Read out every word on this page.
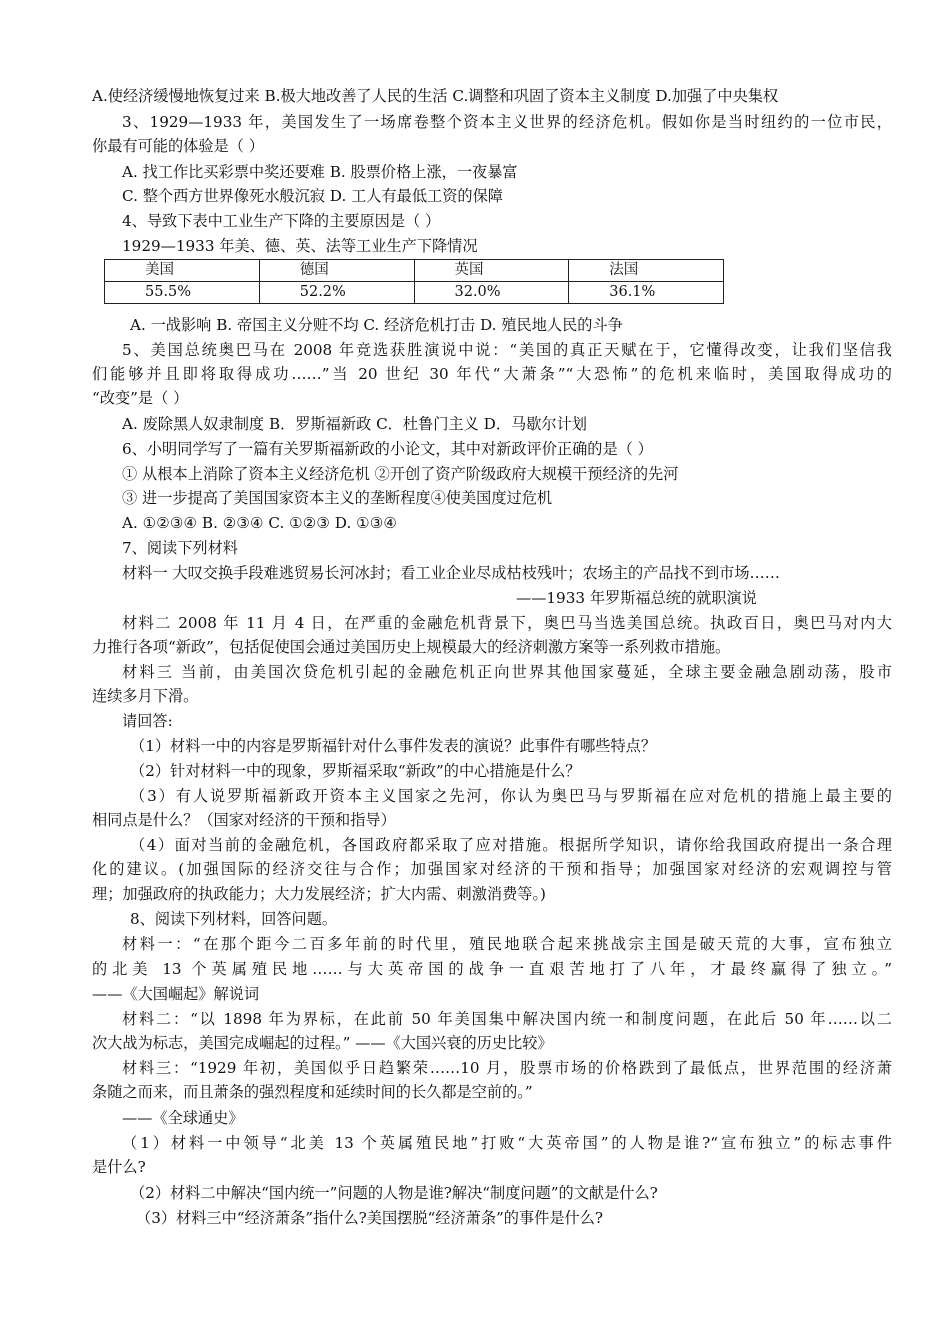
A.使经济缓慢地恢复过来 B.极大地改善了人民的生活 C.调整和巩固了资本主义制度 D.加强了中央集权
3、1929—1933 年，美国发生了一场席卷整个资本主义世界的经济危机。假如你是当时纽约的一位市民，
你最有可能的体验是（ ）
A. 找工作比买彩票中奖还要难 B. 股票价格上涨，一夜暴富
C. 整个西方世界像死水般沉寂 D. 工人有最低工资的保障
4、导致下表中工业生产下降的主要原因是（ ）
1929—1933 年美、德、英、法等工业生产下降情况
美国	德国	英国	法国
55.5%	52.2%	32.0%	36.1%
A. 一战影响 B. 帝国主义分赃不均 C. 经济危机打击 D. 殖民地人民的斗争
5、美国总统奥巴马在 2008 年竞选获胜演说中说：“美国的真正天赋在于，它懂得改变，让我们坚信我
们能够并且即将取得成功……”当 20 世纪 30 年代“大萧条”“大恐怖”的危机来临时，美国取得成功的
“改变”是（ ）
A. 废除黑人奴隶制度 B．罗斯福新政 C．杜鲁门主义 D．马歇尔计划
6、小明同学写了一篇有关罗斯福新政的小论文，其中对新政评价正确的是（ ）
① 从根本上消除了资本主义经济危机 ②开创了资产阶级政府大规模干预经济的先河
③ 进一步提高了美国国家资本主义的垄断程度④使美国度过危机
A. ①②③④ B. ②③④ C. ①②③ D. ①③④
7、阅读下列材料
材料一 大叹交换手段难逃贸易长河冰封；看工业企业尽成枯枝残叶；农场主的产品找不到市场……
——1933 年罗斯福总统的就职演说
材料二 2008 年 11 月 4 日，在严重的金融危机背景下，奥巴马当选美国总统。执政百日，奥巴马对内大
力推行各项“新政”，包括促使国会通过美国历史上规模最大的经济刺激方案等一系列救市措施。
材料三 当前，由美国次贷危机引起的金融危机正向世界其他国家蔓延，全球主要金融急剧动荡，股市
连续多月下滑。
请回答:
（1）材料一中的内容是罗斯福针对什么事件发表的演说？此事件有哪些特点？
（2）针对材料一中的现象，罗斯福采取“新政”的中心措施是什么？
（3）有人说罗斯福新政开资本主义国家之先河，你认为奥巴马与罗斯福在应对危机的措施上最主要的
相同点是什么？（国家对经济的干预和指导）
（4）面对当前的金融危机，各国政府都采取了应对措施。根据所学知识，请你给我国政府提出一条合理
化的建议。(加强国际的经济交往与合作；加强国家对经济的干预和指导；加强国家对经济的宏观调控与管
理；加强政府的执政能力；大力发展经济；扩大内需、刺激消费等。)
8、阅读下列材料，回答问题。
材料一：“在那个距今二百多年前的时代里，殖民地联合起来挑战宗主国是破天荒的大事，宣布独立
的北美 13 个英属殖民地……与大英帝国的战争一直艰苦地打了八年，才最终赢得了独立。”
——《大国崛起》解说词
材料二：“以 1898 年为界标，在此前 50 年美国集中解决国内统一和制度问题，在此后 50 年……以二
次大战为标志，美国完成崛起的过程。” ——《大国兴衰的历史比较》
材料三：“1929 年初，美国似乎日趋繁荣……10 月，股票市场的价格跌到了最低点，世界范围的经济萧
条随之而来，而且萧条的强烈程度和延续时间的长久都是空前的。”
——《全球通史》
（1）材料一中领导“北美 13 个英属殖民地”打败“大英帝国”的人物是谁?“宣布独立”的标志事件
是什么?
（2）材料二中解决“国内统一”问题的人物是谁?解决“制度问题”的文献是什么?
（3）材料三中“经济萧条”指什么?美国摆脱“经济萧条”的事件是什么?
